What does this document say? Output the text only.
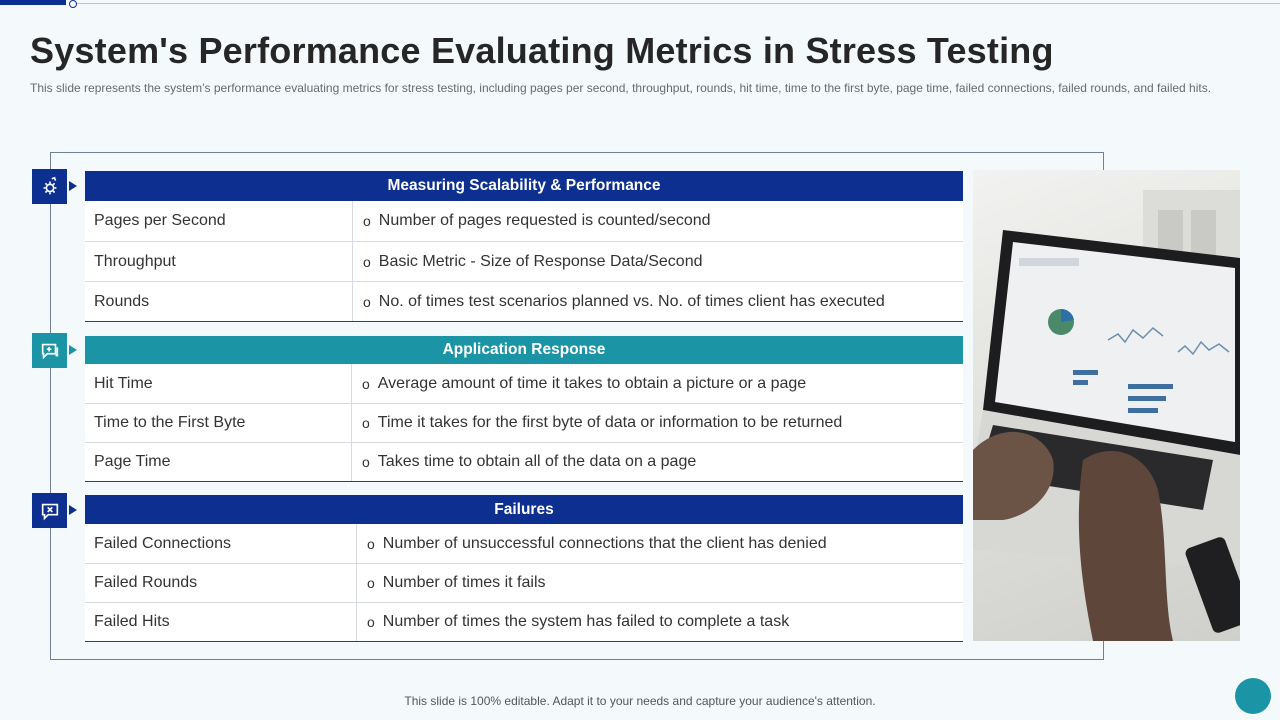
System's Performance Evaluating Metrics in Stress Testing

This slide represents the system’s performance evaluating metrics for stress testing, including pages per second, throughput, rounds, hit time, time to the first byte, page time, failed connections, failed rounds, and failed hits.

Measuring Scalability & Performance
Pages per Second	o Number of pages requested is counted/second
Throughput	o Basic Metric - Size of Response Data/Second
Rounds	o No. of times test scenarios planned vs. No. of times client has executed
Application Response
Hit Time	o Average amount of time it takes to obtain a picture or a page
Time to the First Byte	o Time it takes for the first byte of data or information to be returned
Page Time	o Takes time to obtain all of the data on a page
Failures
Failed Connections	o Number of unsuccessful connections that the client has denied
Failed Rounds	o Number of times it fails
Failed Hits	o Number of times the system has failed to complete a task
This slide is 100% editable. Adapt it to your needs and capture your audience's attention.
